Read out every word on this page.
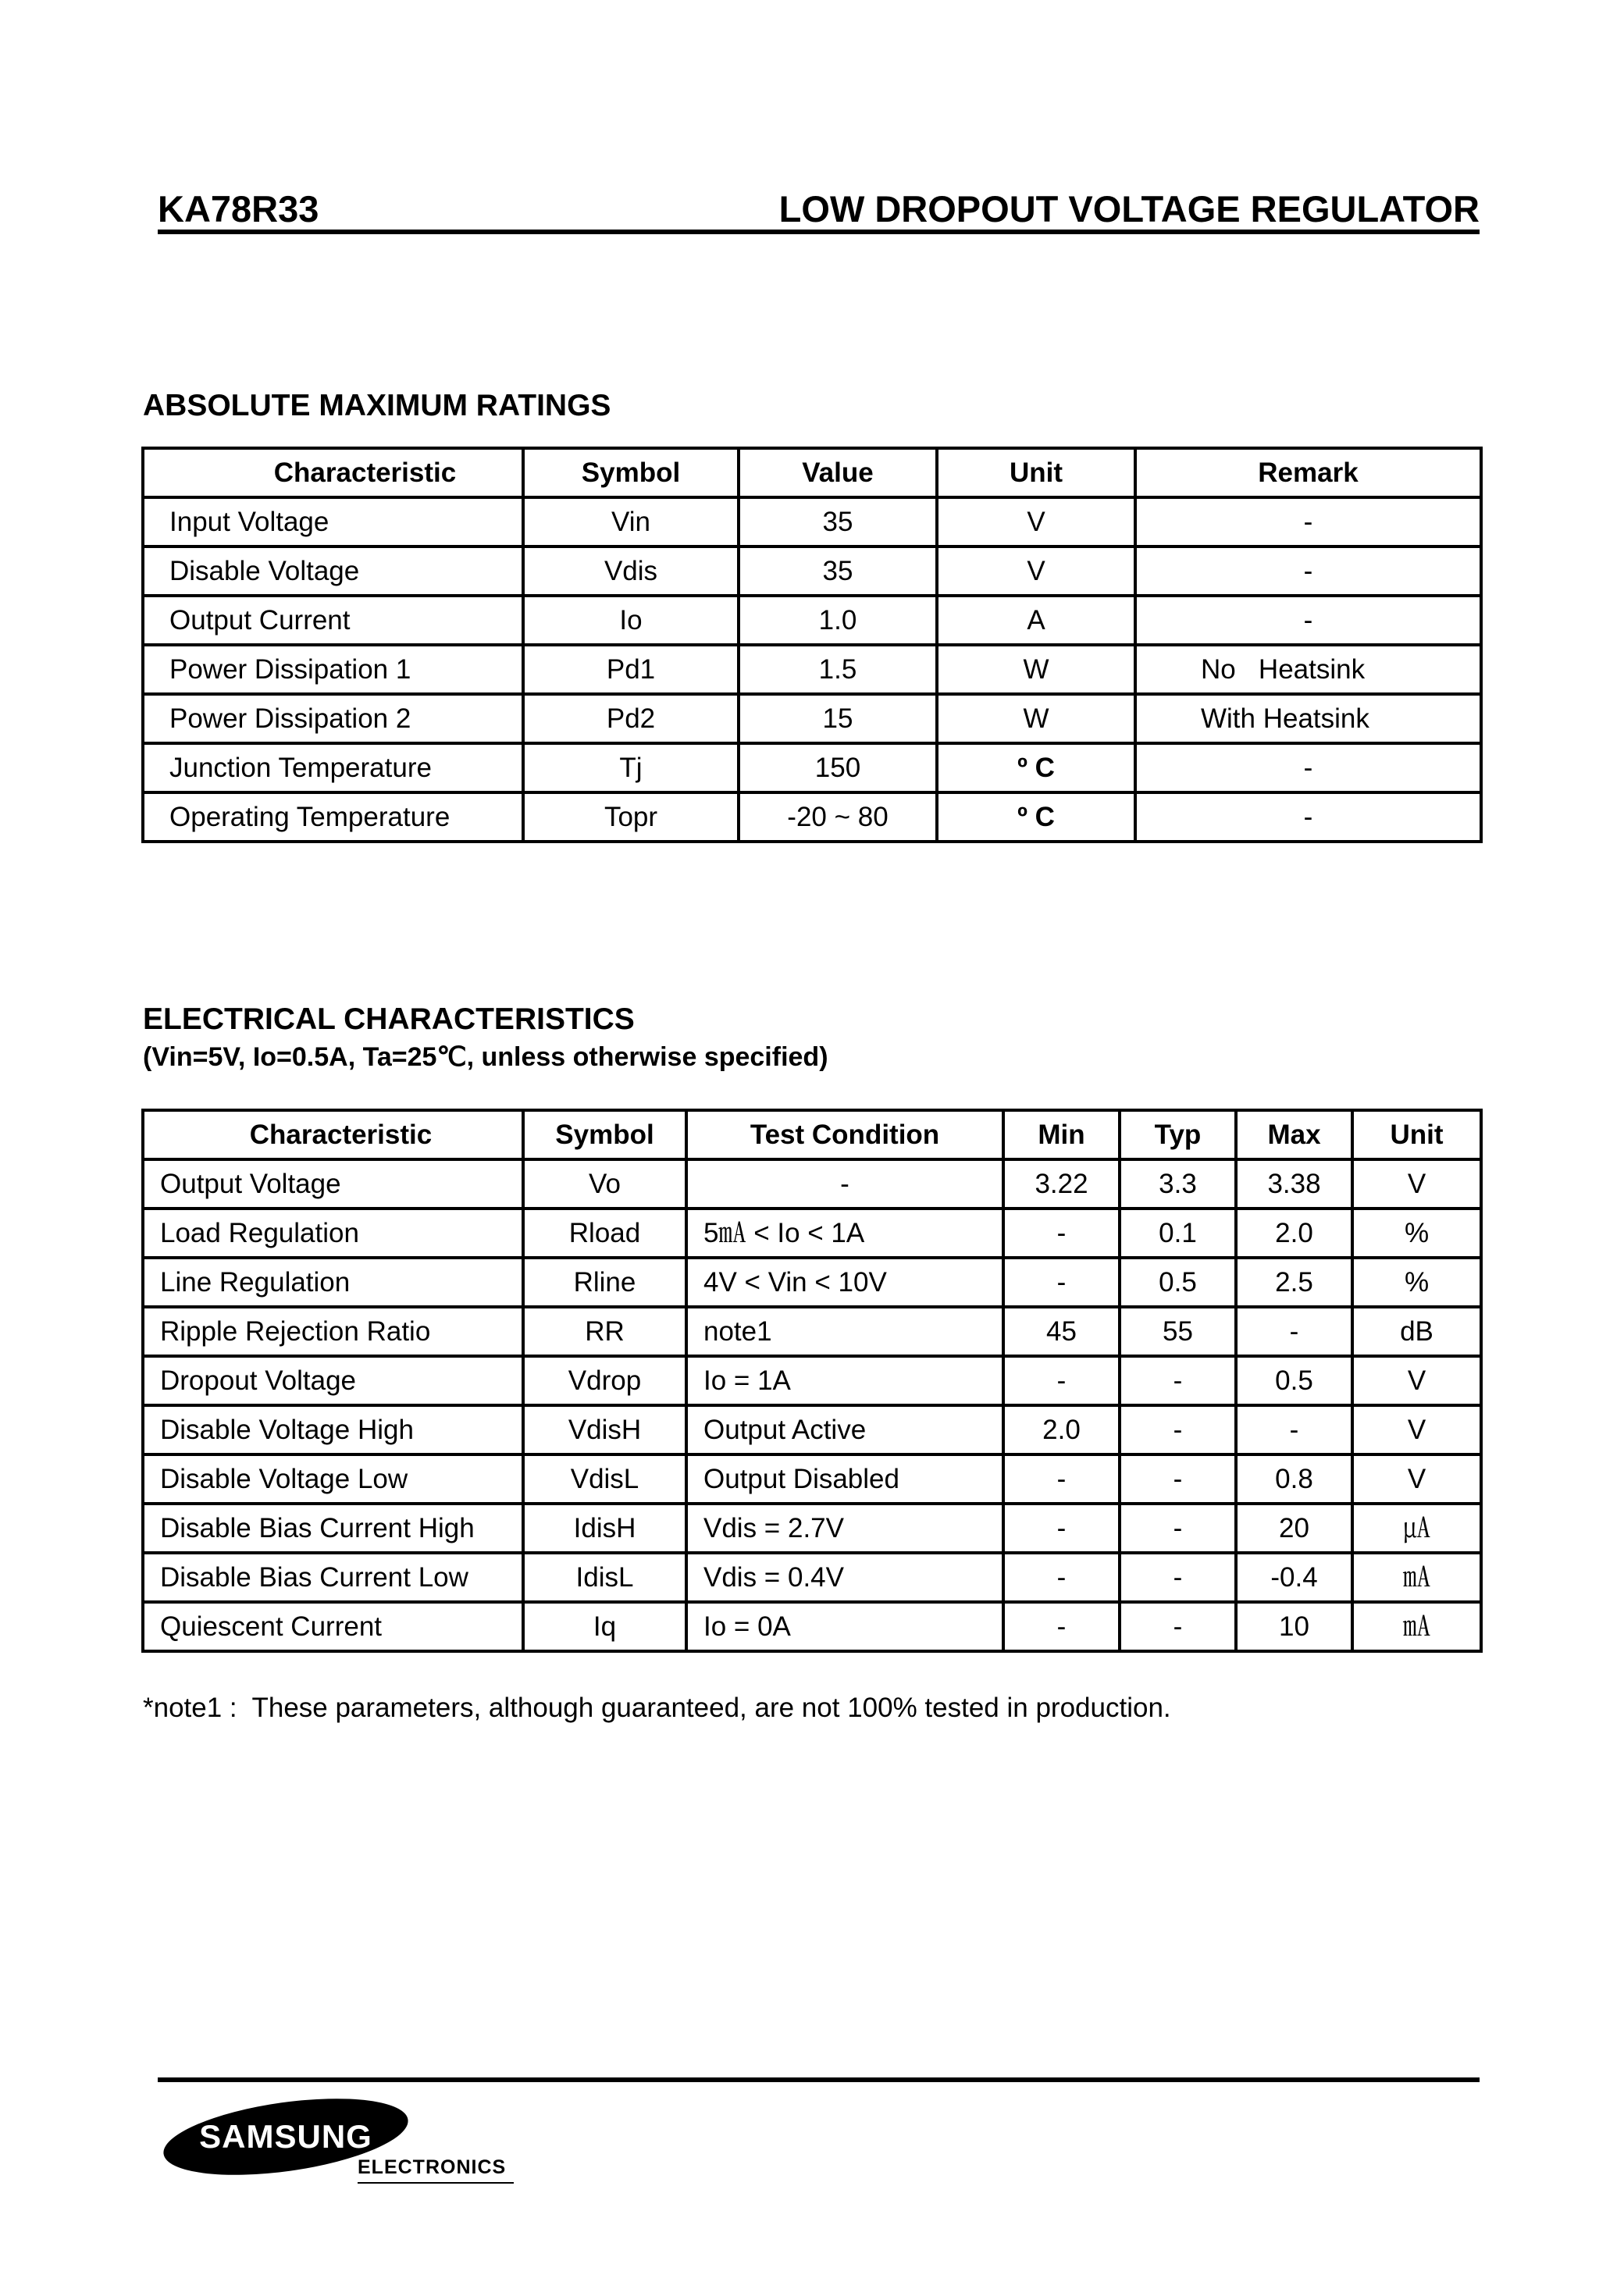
KA78R33	LOW DROPOUT VOLTAGE REGULATOR
ABSOLUTE MAXIMUM RATINGS
Characteristic	Symbol	Value	Unit	Remark
Input Voltage	Vin	35	V	-
Disable Voltage	Vdis	35	V	-
Output Current	Io	1.0	A	-
Power Dissipation 1	Pd1	1.5	W	No   Heatsink
Power Dissipation 2	Pd2	15	W	With Heatsink
Junction Temperature	Tj	150	º C	-
Operating Temperature	Topr	-20 ~ 80	º C	-
ELECTRICAL CHARACTERISTICS
(Vin=5V, Io=0.5A, Ta=25℃, unless otherwise specified)
Characteristic	Symbol	Test Condition	Min	Typ	Max	Unit
Output Voltage	Vo	-	3.22	3.3	3.38	V
Load Regulation	Rload	5㎃ < Io < 1A	-	0.1	2.0	%
Line Regulation	Rline	4V < Vin < 10V	-	0.5	2.5	%
Ripple Rejection Ratio	RR	note1	45	55	-	dB
Dropout Voltage	Vdrop	Io = 1A	-	-	0.5	V
Disable Voltage High	VdisH	Output Active	2.0	-	-	V
Disable Voltage Low	VdisL	Output Disabled	-	-	0.8	V
Disable Bias Current High	IdisH	Vdis = 2.7V	-	-	20	㎂
Disable Bias Current Low	IdisL	Vdis = 0.4V	-	-	-0.4	㎃
Quiescent Current	Iq	Io = 0A	-	-	10	㎃
*note1 :  These parameters, although guaranteed, are not 100% tested in production.
SAMSUNG
ELECTRONICS
